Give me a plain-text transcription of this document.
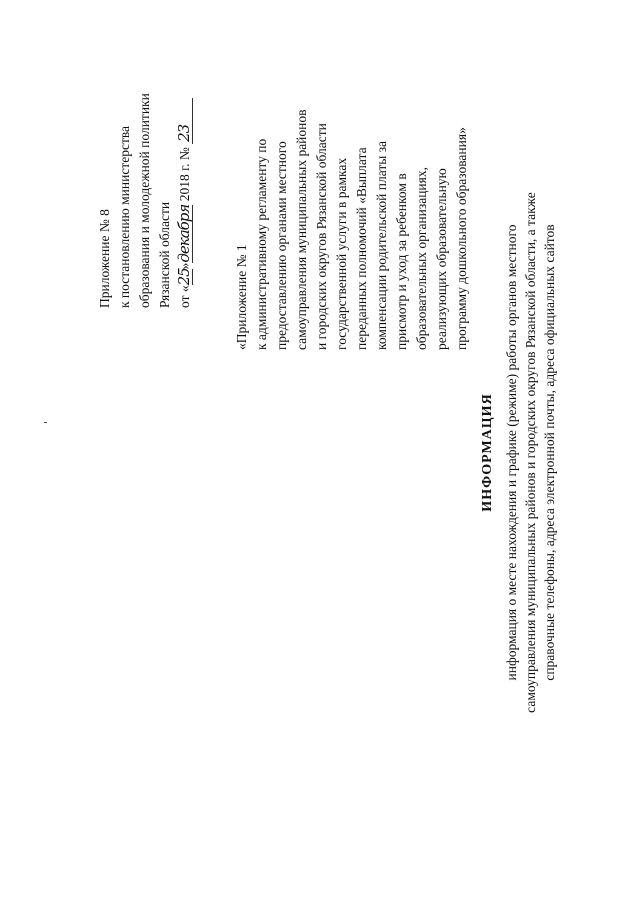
Приложение № 8 к постановлению министерства образования и молодежной политики Рязанской области от «25»декабря 2018 г. № 23
«Приложение № 1 к административному регламенту по предоставлению органами местного самоуправления муниципальных районов и городских округов Рязанской области государственной услуги в рамках переданных полномочий «Выплата компенсации родительской платы за присмотр и уход за ребенком в образовательных организациях, реализующих образовательную программу дошкольного образования»
ИНФОРМАЦИЯ информация о месте нахождения и графике (режиме) работы органов местного самоуправления муниципальных районов и городских округов Рязанской области, а также справочные телефоны, адреса электронной почты, адреса официальных сайтов
